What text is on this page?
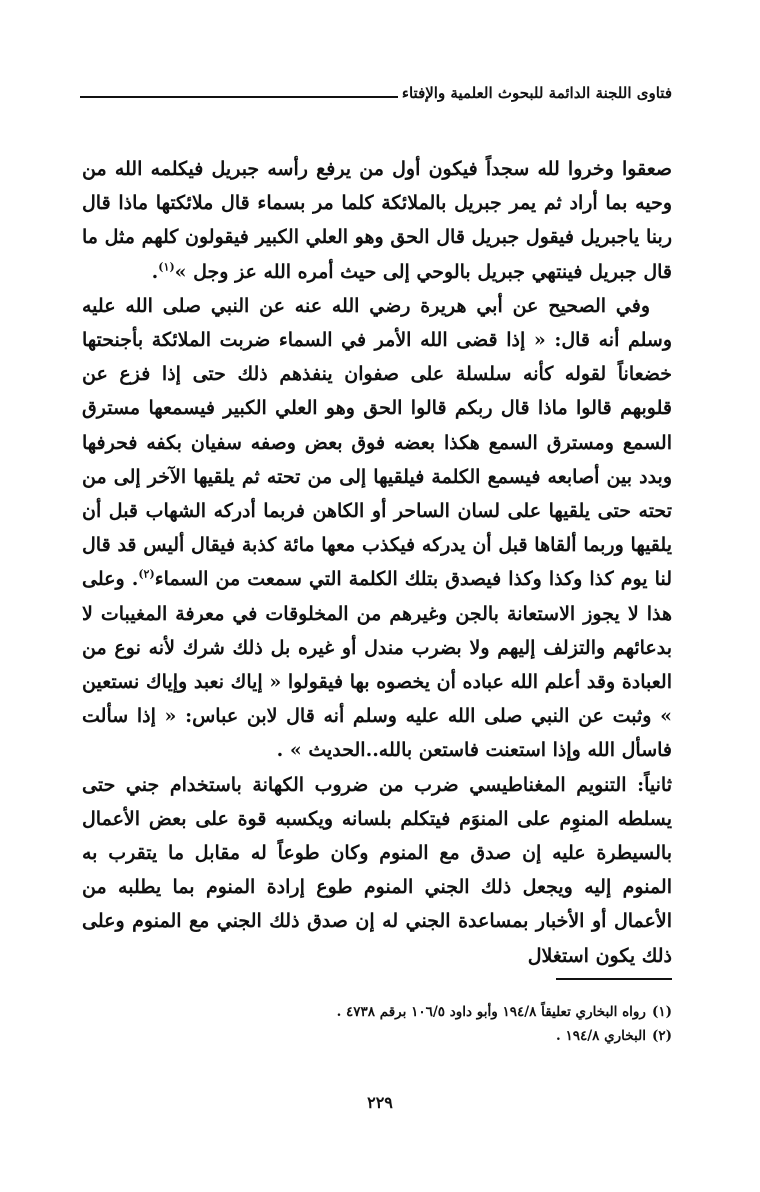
فتاوى اللجنة الدائمة للبحوث العلمية والإفتاء

صعقوا وخروا لله سجداً فيكون أول من يرفع رأسه جبريل فيكلمه الله من وحيه بما أراد ثم يمر جبريل بالملائكة كلما مر بسماء قال ملائكتها ماذا قال ربنا ياجبريل فيقول جبريل قال الحق وهو العلي الكبير فيقولون كلهم مثل ما قال جبريل فينتهي جبريل بالوحي إلى حيث أمره الله عز وجل »$^{(١)}$.

وفي الصحيح عن أبي هريرة رضي الله عنه عن النبي صلى الله عليه وسلم أنه قال: « إذا قضى الله الأمر في السماء ضربت الملائكة بأجنحتها خضعاناً لقوله كأنه سلسلة على صفوان ينفذهم ذلك حتى إذا فزع عن قلوبهم قالوا ماذا قال ربكم قالوا الحق وهو العلي الكبير فيسمعها مسترق السمع ومسترق السمع هكذا بعضه فوق بعض وصفه سفيان بكفه فحرفها وبدد بين أصابعه فيسمع الكلمة فيلقيها إلى من تحته ثم يلقيها الآخر إلى من تحته حتى يلقيها على لسان الساحر أو الكاهن فربما أدركه الشهاب قبل أن يلقيها وربما ألقاها قبل أن يدركه فيكذب معها مائة كذبة فيقال أليس قد قال لنا يوم كذا وكذا وكذا فيصدق بتلك الكلمة التي سمعت من السماء$^{(٢)}$. وعلى هذا لا يجوز الاستعانة بالجن وغيرهم من المخلوقات في معرفة المغيبات لا بدعائهم والتزلف إليهم ولا بضرب مندل أو غيره بل ذلك شرك لأنه نوع من العبادة وقد أعلم الله عباده أن يخصوه بها فيقولوا « إياك نعبد وإياك نستعين » وثبت عن النبي صلى الله عليه وسلم أنه قال لابن عباس: « إذا سألت فاسأل الله وإذا استعنت فاستعن بالله..الحديث » .

ثانياً: التنويم المغناطيسي ضرب من ضروب الكهانة باستخدام جني حتى يسلطه المنوِم على المنوَم فيتكلم بلسانه ويكسبه قوة على بعض الأعمال بالسيطرة عليه إن صدق مع المنوم وكان طوعاً له مقابل ما يتقرب به المنوم إليه ويجعل ذلك الجني المنوم طوع إرادة المنوم بما يطلبه من الأعمال أو الأخبار بمساعدة الجني له إن صدق ذلك الجني مع المنوم وعلى ذلك يكون استغلال

(١)
رواه البخاري تعليقاً ١٩٤/٨ وأبو داود ١٠٦/٥ برقم ٤٧٣٨ .
(٢)
البخاري ١٩٤/٨ .
٢٢٩
